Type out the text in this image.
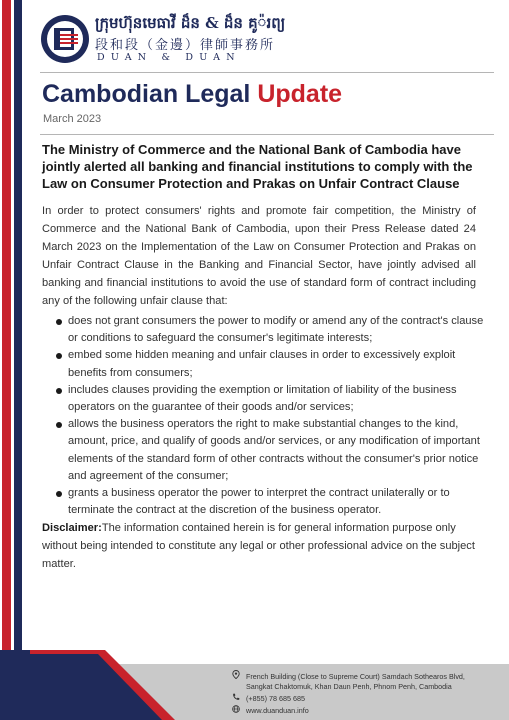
ក្រុមហ៊ុនមេធាវី ដ៏ន & ដ៏ន គូ៉រព្យ
段和段（金邊）律師事務所
DUAN & DUAN
Cambodian Legal Update
March 2023
The Ministry of Commerce and the National Bank of Cambodia have jointly alerted all banking and financial institutions to comply with the Law on Consumer Protection and Prakas on Unfair Contract Clause

In order to protect consumers' rights and promote fair competition, the Ministry of Commerce and the National Bank of Cambodia, upon their Press Release dated 24 March 2023 on the Implementation of the Law on Consumer Protection and Prakas on Unfair Contract Clause in the Banking and Financial Sector, have jointly advised all banking and financial institutions to avoid the use of standard form of contract including any of the following unfair clause that:

does not grant consumers the power to modify or amend any of the contract's clause or conditions to safeguard the consumer's legitimate interests;
embed some hidden meaning and unfair clauses in order to excessively exploit benefits from consumers;
includes clauses providing the exemption or limitation of liability of the business operators on the guarantee of their goods and/or services;
allows the business operators the right to make substantial changes to the kind, amount, price, and qualify of goods and/or services, or any modification of important elements of the standard form of other contracts without the consumer's prior notice and agreement of the consumer;
grants a business operator the power to interpret the contract unilaterally or to terminate the contract at the discretion of the business operator.

Disclaimer:The information contained herein is for general information purpose only without being intended to constitute any legal or other professional advice on the subject matter.

French Building (Close to Supreme Court) Samdach Sothearos Blvd,
Sangkat Chaktomuk, Khan Daun Penh, Phnom Penh, Cambodia
(+855) 78 685 685
www.duanduan.info
